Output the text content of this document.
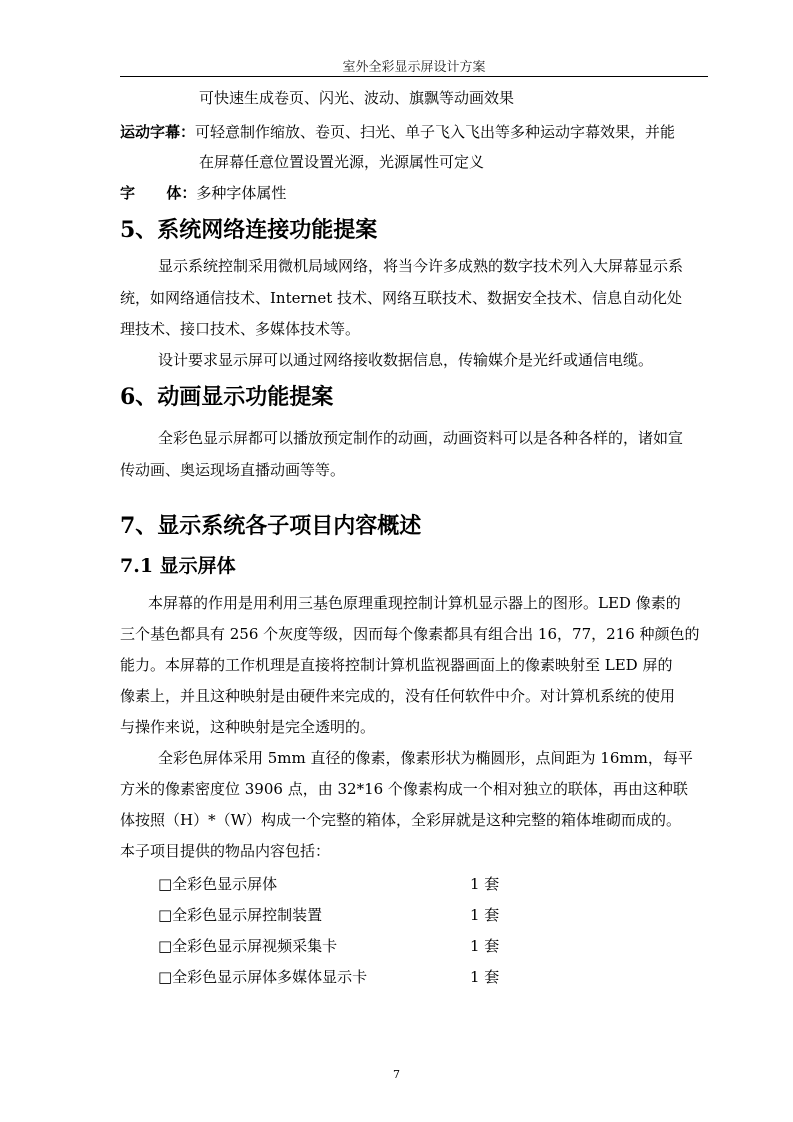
室外全彩显示屏设计方案
可快速生成卷页、闪光、波动、旗飘等动画效果
运动字幕：可轻意制作缩放、卷页、扫光、单子飞入飞出等多种运动字幕效果，并能
在屏幕任意位置设置光源，光源属性可定义
字      体：多种字体属性
5、系统网络连接功能提案
显示系统控制采用微机局域网络，将当今许多成熟的数字技术列入大屏幕显示系
统，如网络通信技术、Internet 技术、网络互联技术、数据安全技术、信息自动化处
理技术、接口技术、多媒体技术等。
设计要求显示屏可以通过网络接收数据信息，传输媒介是光纤或通信电缆。
6、动画显示功能提案
全彩色显示屏都可以播放预定制作的动画，动画资料可以是各种各样的，诸如宣
传动画、奥运现场直播动画等等。
7、显示系统各子项目内容概述
7.1 显示屏体
本屏幕的作用是用利用三基色原理重现控制计算机显示器上的图形。LED 像素的
三个基色都具有 256 个灰度等级，因而每个像素都具有组合出 16，77，216 种颜色的
能力。本屏幕的工作机理是直接将控制计算机监视器画面上的像素映射至 LED 屏的
像素上，并且这种映射是由硬件来完成的，没有任何软件中介。对计算机系统的使用
与操作来说，这种映射是完全透明的。
全彩色屏体采用 5mm 直径的像素，像素形状为椭圆形，点间距为 16mm，每平
方米的像素密度位 3906 点，由 32*16 个像素构成一个相对独立的联体，再由这种联
体按照（H）*（W）构成一个完整的箱体，全彩屏就是这种完整的箱体堆砌而成的。
本子项目提供的物品内容包括：
□全彩色显示屏体	1 套
□全彩色显示屏控制装置	1 套
□全彩色显示屏视频采集卡	1 套
□全彩色显示屏体多媒体显示卡	1 套
7
